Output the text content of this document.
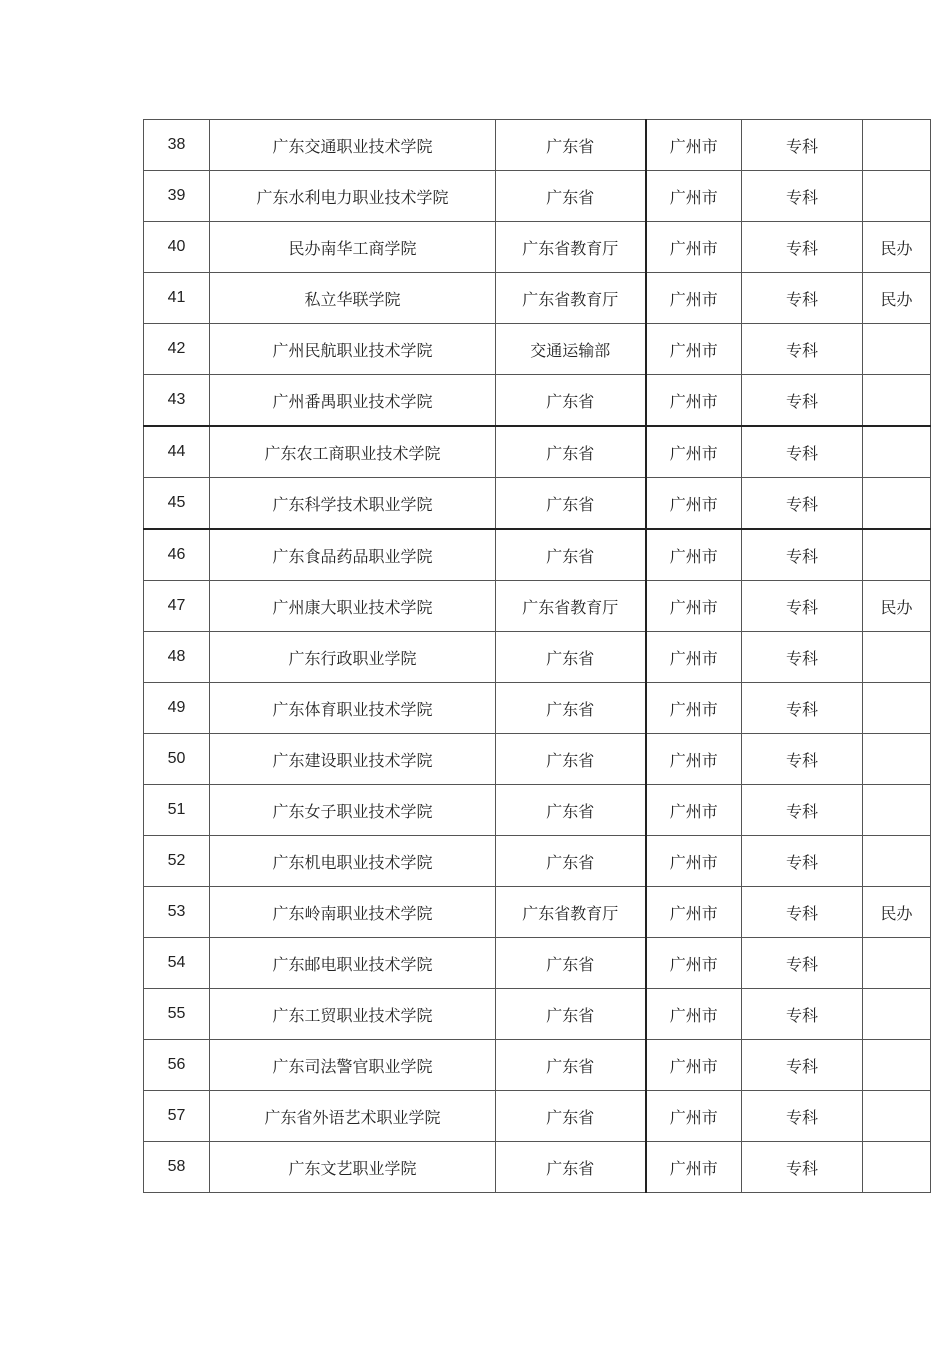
38	广东交通职业技术学院	广东省	广州市	专科	
39	广东水利电力职业技术学院	广东省	广州市	专科	
40	民办南华工商学院	广东省教育厅	广州市	专科	民办
41	私立华联学院	广东省教育厅	广州市	专科	民办
42	广州民航职业技术学院	交通运输部	广州市	专科	
43	广州番禺职业技术学院	广东省	广州市	专科	
44	广东农工商职业技术学院	广东省	广州市	专科	
45	广东科学技术职业学院	广东省	广州市	专科	
46	广东食品药品职业学院	广东省	广州市	专科	
47	广州康大职业技术学院	广东省教育厅	广州市	专科	民办
48	广东行政职业学院	广东省	广州市	专科	
49	广东体育职业技术学院	广东省	广州市	专科	
50	广东建设职业技术学院	广东省	广州市	专科	
51	广东女子职业技术学院	广东省	广州市	专科	
52	广东机电职业技术学院	广东省	广州市	专科	
53	广东岭南职业技术学院	广东省教育厅	广州市	专科	民办
54	广东邮电职业技术学院	广东省	广州市	专科	
55	广东工贸职业技术学院	广东省	广州市	专科	
56	广东司法警官职业学院	广东省	广州市	专科	
57	广东省外语艺术职业学院	广东省	广州市	专科	
58	广东文艺职业学院	广东省	广州市	专科	
